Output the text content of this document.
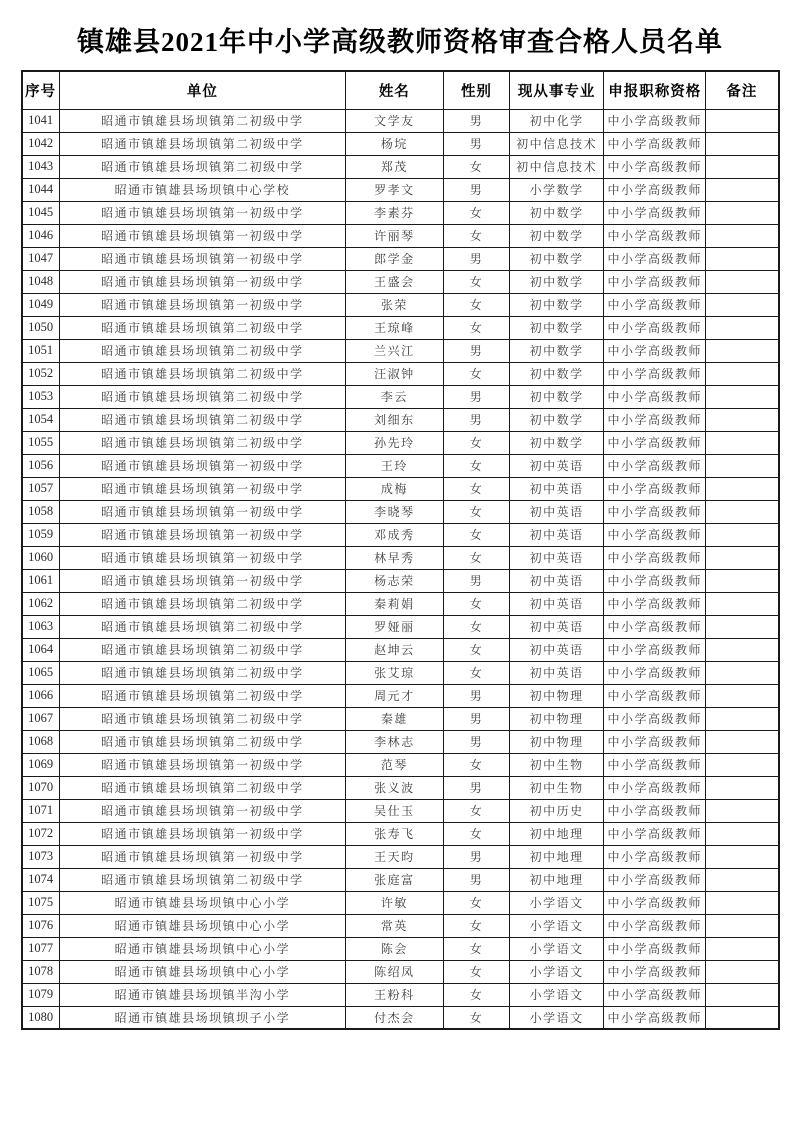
镇雄县2021年中小学高级教师资格审查合格人员名单
序号	单位	姓名	性别	现从事专业	申报职称资格	备注
1041	昭通市镇雄县场坝镇第二初级中学	文学友	男	初中化学	中小学高级教师	
1042	昭通市镇雄县场坝镇第二初级中学	杨垸	男	初中信息技术	中小学高级教师	
1043	昭通市镇雄县场坝镇第二初级中学	郑茂	女	初中信息技术	中小学高级教师	
1044	昭通市镇雄县场坝镇中心学校	罗孝文	男	小学数学	中小学高级教师	
1045	昭通市镇雄县场坝镇第一初级中学	李素芬	女	初中数学	中小学高级教师	
1046	昭通市镇雄县场坝镇第一初级中学	许丽琴	女	初中数学	中小学高级教师	
1047	昭通市镇雄县场坝镇第一初级中学	郎学金	男	初中数学	中小学高级教师	
1048	昭通市镇雄县场坝镇第一初级中学	王盛会	女	初中数学	中小学高级教师	
1049	昭通市镇雄县场坝镇第一初级中学	张荣	女	初中数学	中小学高级教师	
1050	昭通市镇雄县场坝镇第二初级中学	王琼峰	女	初中数学	中小学高级教师	
1051	昭通市镇雄县场坝镇第二初级中学	兰兴江	男	初中数学	中小学高级教师	
1052	昭通市镇雄县场坝镇第二初级中学	汪淑钟	女	初中数学	中小学高级教师	
1053	昭通市镇雄县场坝镇第二初级中学	李云	男	初中数学	中小学高级教师	
1054	昭通市镇雄县场坝镇第二初级中学	刘细东	男	初中数学	中小学高级教师	
1055	昭通市镇雄县场坝镇第二初级中学	孙先玲	女	初中数学	中小学高级教师	
1056	昭通市镇雄县场坝镇第一初级中学	王玲	女	初中英语	中小学高级教师	
1057	昭通市镇雄县场坝镇第一初级中学	成梅	女	初中英语	中小学高级教师	
1058	昭通市镇雄县场坝镇第一初级中学	李晓琴	女	初中英语	中小学高级教师	
1059	昭通市镇雄县场坝镇第一初级中学	邓成秀	女	初中英语	中小学高级教师	
1060	昭通市镇雄县场坝镇第一初级中学	林早秀	女	初中英语	中小学高级教师	
1061	昭通市镇雄县场坝镇第一初级中学	杨志荣	男	初中英语	中小学高级教师	
1062	昭通市镇雄县场坝镇第二初级中学	秦莉娟	女	初中英语	中小学高级教师	
1063	昭通市镇雄县场坝镇第二初级中学	罗娅丽	女	初中英语	中小学高级教师	
1064	昭通市镇雄县场坝镇第二初级中学	赵坤云	女	初中英语	中小学高级教师	
1065	昭通市镇雄县场坝镇第二初级中学	张艾琼	女	初中英语	中小学高级教师	
1066	昭通市镇雄县场坝镇第二初级中学	周元才	男	初中物理	中小学高级教师	
1067	昭通市镇雄县场坝镇第二初级中学	秦雄	男	初中物理	中小学高级教师	
1068	昭通市镇雄县场坝镇第二初级中学	李林志	男	初中物理	中小学高级教师	
1069	昭通市镇雄县场坝镇第一初级中学	范琴	女	初中生物	中小学高级教师	
1070	昭通市镇雄县场坝镇第二初级中学	张义波	男	初中生物	中小学高级教师	
1071	昭通市镇雄县场坝镇第一初级中学	吴仕玉	女	初中历史	中小学高级教师	
1072	昭通市镇雄县场坝镇第一初级中学	张寿飞	女	初中地理	中小学高级教师	
1073	昭通市镇雄县场坝镇第一初级中学	王天昀	男	初中地理	中小学高级教师	
1074	昭通市镇雄县场坝镇第二初级中学	张庭富	男	初中地理	中小学高级教师	
1075	昭通市镇雄县场坝镇中心小学	许敏	女	小学语文	中小学高级教师	
1076	昭通市镇雄县场坝镇中心小学	常英	女	小学语文	中小学高级教师	
1077	昭通市镇雄县场坝镇中心小学	陈会	女	小学语文	中小学高级教师	
1078	昭通市镇雄县场坝镇中心小学	陈绍凤	女	小学语文	中小学高级教师	
1079	昭通市镇雄县场坝镇半沟小学	王粉科	女	小学语文	中小学高级教师	
1080	昭通市镇雄县场坝镇坝子小学	付杰会	女	小学语文	中小学高级教师	
